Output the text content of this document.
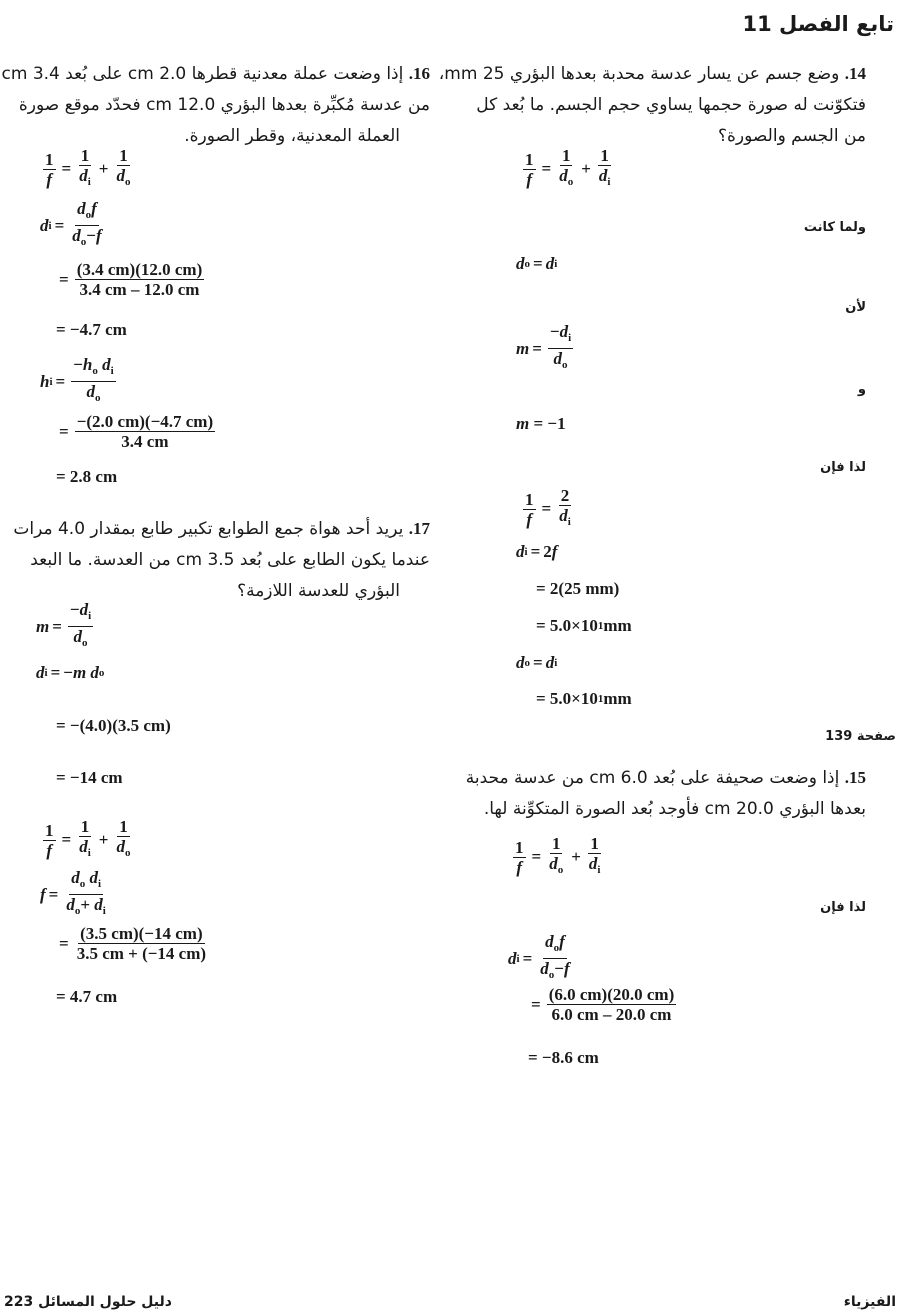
تابع الفصل 11
14. وضع جسم عن يسار عدسة محدبة بعدها البؤري 25 mm،
فتكوّنت له صورة حجمها يساوي حجم الجسم. ما بُعد كل
من الجسم والصورة؟
$\frac{1}{f} = \frac{1}{d_o} + \frac{1}{d_i}$
ولما كانت
d o = d i
لأن
$m = \frac{-d_i}{d_o}$
و
m
= −1
لذا فإن
$\frac{1}{f} = \frac{2}{d_i}$
d i = 2 f
= 2(25 mm)
= 5.0×10 1 mm
d o = d i
= 5.0×10 1 mm
صفحة 139
15. إذا وضعت صحيفة على بُعد 6.0 cm من عدسة محدبة
بعدها البؤري 20.0 cm فأوجد بُعد الصورة المتكوِّنة لها.
$\frac{1}{f} = \frac{1}{d_o} + \frac{1}{d_i}$
لذا فإن
d $i = \frac{d_of}{d_o-f}$
= $\frac{(6.0 cm)(20.0 cm)}{6.0 cm - 20.0 cm}$
= −8.6 cm
16. إذا وضعت عملة معدنية قطرها 2.0 cm على بُعد 3.4 cm
من عدسة مُكبِّرة بعدها البؤري 12.0 cm فحدّد موقع صورة
العملة المعدنية، وقطر الصورة.
$\frac{1}{f} = \frac{1}{d_i} + \frac{1}{d_o}$
d $i = \frac{d_of}{d_o-f}$
= $\frac{(3.4 cm)(12.0 cm)}{3.4 cm - 12.0 cm}$
= −4.7 cm
h $i = \frac{-h_o d_i}{d_o}$
= $\frac{-(2.0 cm)(-4.7 cm)}{3.4 cm}$
= 2.8 cm
17. يريد أحد هواة جمع الطوابع تكبير طابع بمقدار 4.0 مرات
عندما يكون الطابع على بُعد 3.5 cm من العدسة. ما البعد
البؤري للعدسة اللازمة؟
$m = \frac{-d_i}{d_o}$
d i = − m
d o
= −(4.0)(3.5 cm)
= −14 cm
$\frac{1}{f} = \frac{1}{d_i} + \frac{1}{d_o}$
$f = \frac{d_o d_i}{d_o+ d_i}$
= $\frac{(3.5 cm)(-14 cm)}{3.5 cm + (-14 cm)}$
= 4.7 cm
دليل حلول المسائل 223	الفيزياء
